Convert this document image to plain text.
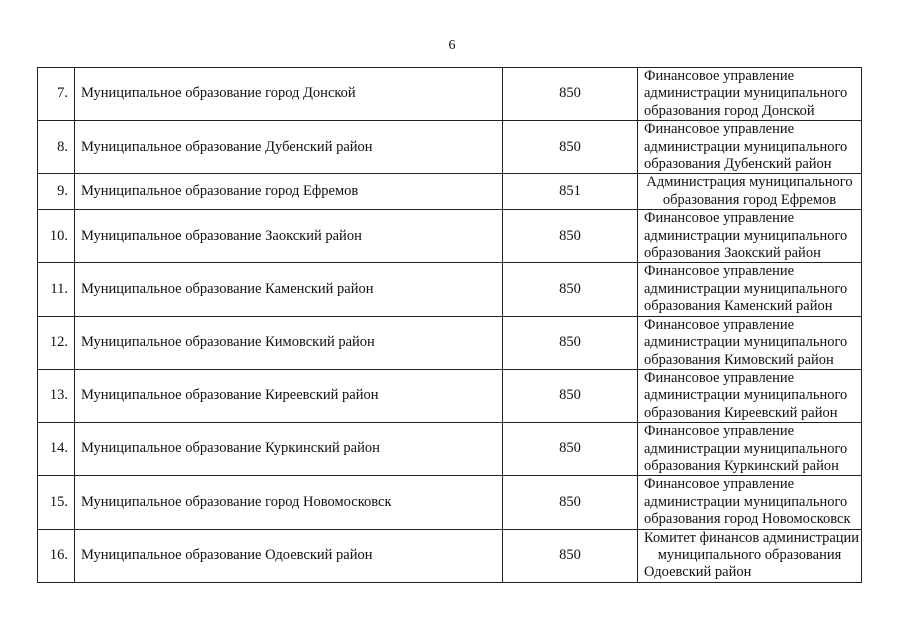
6
7.	Муниципальное образование город Донской	850	Финансовое управление
администрации муниципального
образования город Донской

8.	Муниципальное образование Дубенский район	850	Финансовое управление
администрации муниципального
образования Дубенский район

9.	Муниципальное образование город Ефремов	851	Администрация муниципального
образования город Ефремов

10.	Муниципальное образование Заокский район	850	Финансовое управление
администрации муниципального
образования Заокский район

11.	Муниципальное образование Каменский район	850	Финансовое управление
администрации муниципального
образования Каменский район

12.	Муниципальное образование Кимовский район	850	Финансовое управление
администрации муниципального
образования Кимовский район

13.	Муниципальное образование Киреевский район	850	Финансовое управление
администрации муниципального
образования Киреевский район

14.	Муниципальное образование Куркинский район	850	Финансовое управление
администрации муниципального
образования Куркинский район

15.	Муниципальное образование город Новомосковск	850	Финансовое управление
администрации муниципального
образования город Новомосковск

16.	Муниципальное образование Одоевский район	850	Комитет финансов администрации
муниципального образования
Одоевский район
